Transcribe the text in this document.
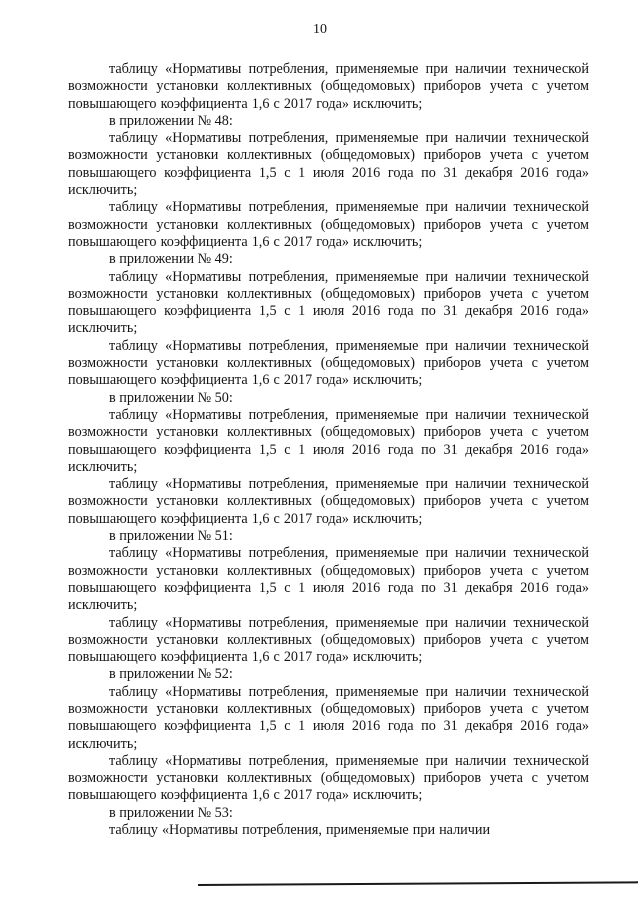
10

таблицу «Нормативы потребления, применяемые при наличии технической возможности установки коллективных (общедомовых) приборов учета с учетом повышающего коэффициента 1,6 с 2017 года» исключить;

в приложении № 48:

таблицу «Нормативы потребления, применяемые при наличии технической возможности установки коллективных (общедомовых) приборов учета с учетом повышающего коэффициента 1,5 с 1 июля 2016 года по 31 декабря 2016 года» исключить;

таблицу «Нормативы потребления, применяемые при наличии технической возможности установки коллективных (общедомовых) приборов учета с учетом повышающего коэффициента 1,6 с 2017 года» исключить;

в приложении № 49:

таблицу «Нормативы потребления, применяемые при наличии технической возможности установки коллективных (общедомовых) приборов учета с учетом повышающего коэффициента 1,5 с 1 июля 2016 года по 31 декабря 2016 года» исключить;

таблицу «Нормативы потребления, применяемые при наличии технической возможности установки коллективных (общедомовых) приборов учета с учетом повышающего коэффициента 1,6 с 2017 года» исключить;

в приложении № 50:

таблицу «Нормативы потребления, применяемые при наличии технической возможности установки коллективных (общедомовых) приборов учета с учетом повышающего коэффициента 1,5 с 1 июля 2016 года по 31 декабря 2016 года» исключить;

таблицу «Нормативы потребления, применяемые при наличии технической возможности установки коллективных (общедомовых) приборов учета с учетом повышающего коэффициента 1,6 с 2017 года» исключить;

в приложении № 51:

таблицу «Нормативы потребления, применяемые при наличии технической возможности установки коллективных (общедомовых) приборов учета с учетом повышающего коэффициента 1,5 с 1 июля 2016 года по 31 декабря 2016 года» исключить;

таблицу «Нормативы потребления, применяемые при наличии технической возможности установки коллективных (общедомовых) приборов учета с учетом повышающего коэффициента 1,6 с 2017 года» исключить;

в приложении № 52:

таблицу «Нормативы потребления, применяемые при наличии технической возможности установки коллективных (общедомовых) приборов учета с учетом повышающего коэффициента 1,5 с 1 июля 2016 года по 31 декабря 2016 года» исключить;

таблицу «Нормативы потребления, применяемые при наличии технической возможности установки коллективных (общедомовых) приборов учета с учетом повышающего коэффициента 1,6 с 2017 года» исключить;

в приложении № 53:

таблицу «Нормативы потребления, применяемые при наличии
